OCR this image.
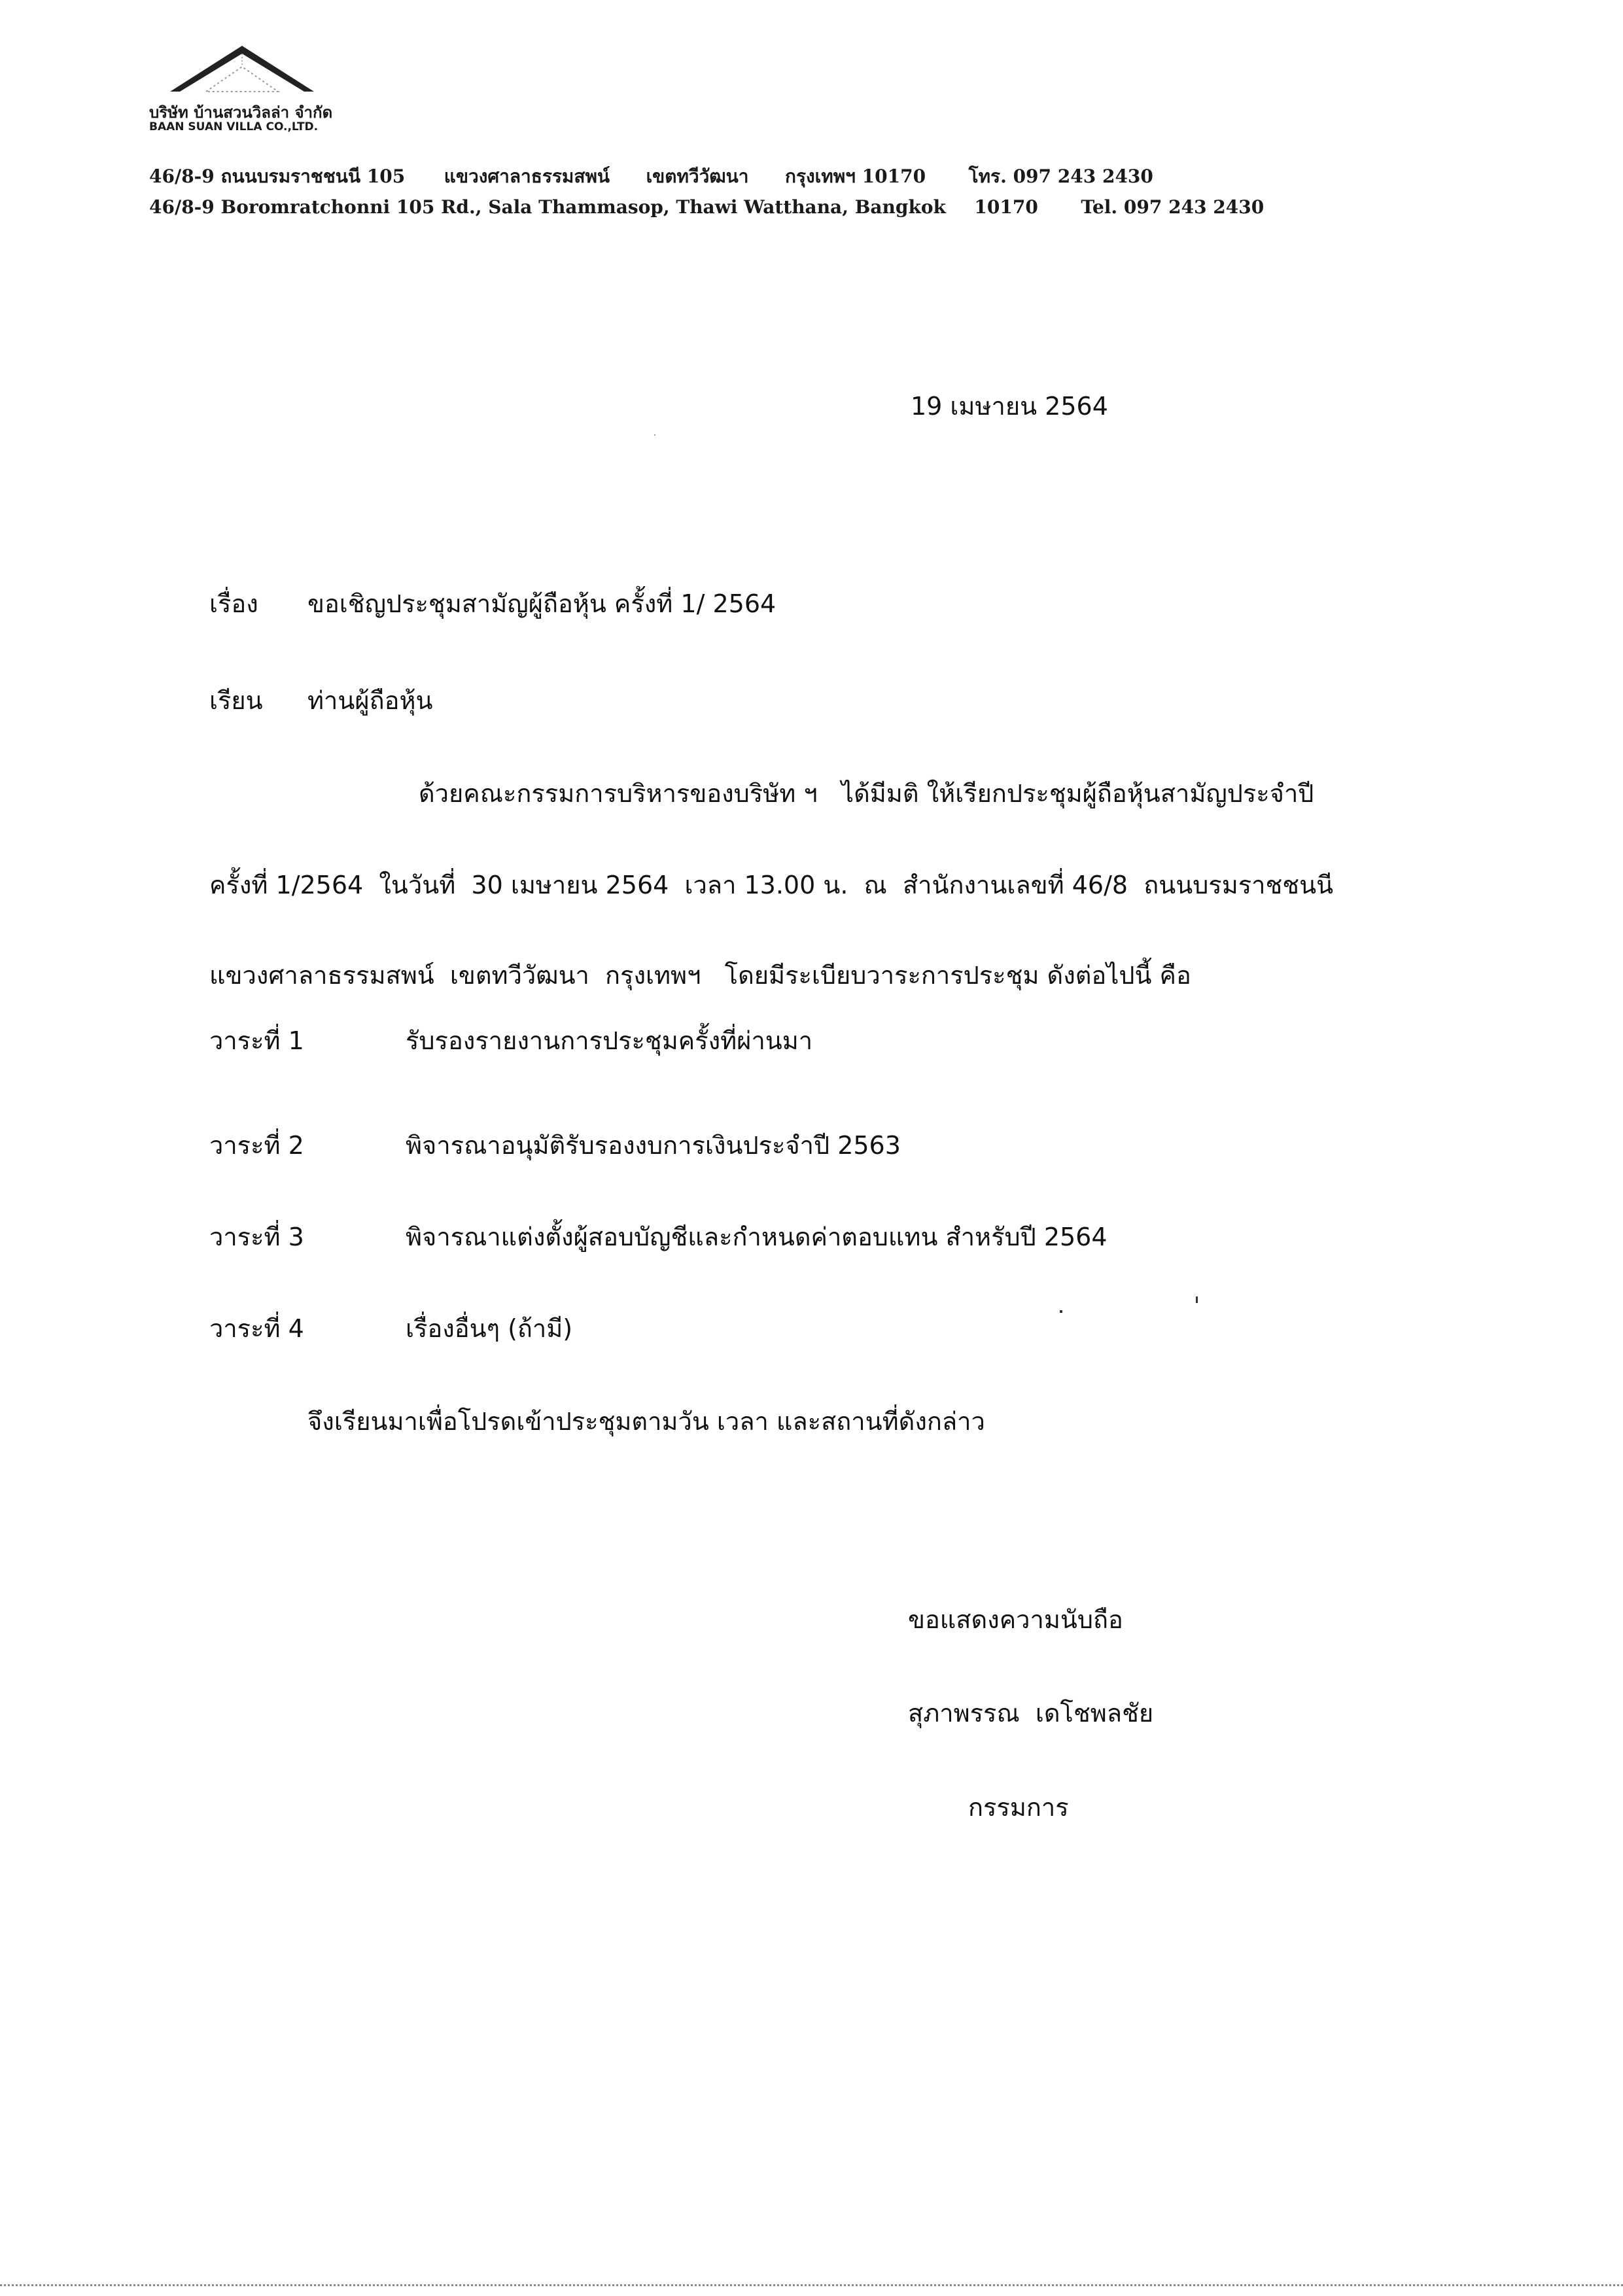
บริษัท บ้านสวนวิลล่า จำกัด
BAAN SUAN VILLA CO.,LTD.
46/8-9 ถนนบรมราชชนนี 105 แขวงศาลาธรรมสพน์ เขตทวีวัฒนา กรุงเทพฯ 10170 โทร. 097 243 2430
46/8-9 Boromratchonni 105 Rd., Sala Thammasop, Thawi Watthana, Bangkok 10170 Tel. 097 243 2430
19 เมษายน 2564
เรื่อง ขอเชิญประชุมสามัญผู้ถือหุ้น ครั้งที่ 1/ 2564
เรียน ท่านผู้ถือหุ้น
ด้วยคณะกรรมการบริหารของบริษัท ฯ   ได้มีมติ ให้เรียกประชุมผู้ถือหุ้นสามัญประจำปี
ครั้งที่ 1/2564  ในวันที่  30 เมษายน 2564  เวลา 13.00 น.  ณ  สำนักงานเลขที่ 46/8  ถนนบรมราชชนนี
แขวงศาลาธรรมสพน์  เขตทวีวัฒนา  กรุงเทพฯ   โดยมีระเบียบวาระการประชุม ดังต่อไปนี้ คือ
วาระที่ 1	รับรองรายงานการประชุมครั้งที่ผ่านมา
วาระที่ 2	พิจารณาอนุมัติรับรองงบการเงินประจำปี 2563
วาระที่ 3	พิจารณาแต่งตั้งผู้สอบบัญชีและกำหนดค่าตอบแทน สำหรับปี 2564
วาระที่ 4	เรื่องอื่นๆ (ถ้ามี)
จึงเรียนมาเพื่อโปรดเข้าประชุมตามวัน เวลา และสถานที่ดังกล่าว
ขอแสดงความนับถือ
สุภาพรรณ  เดโชพลชัย
กรรมการ
